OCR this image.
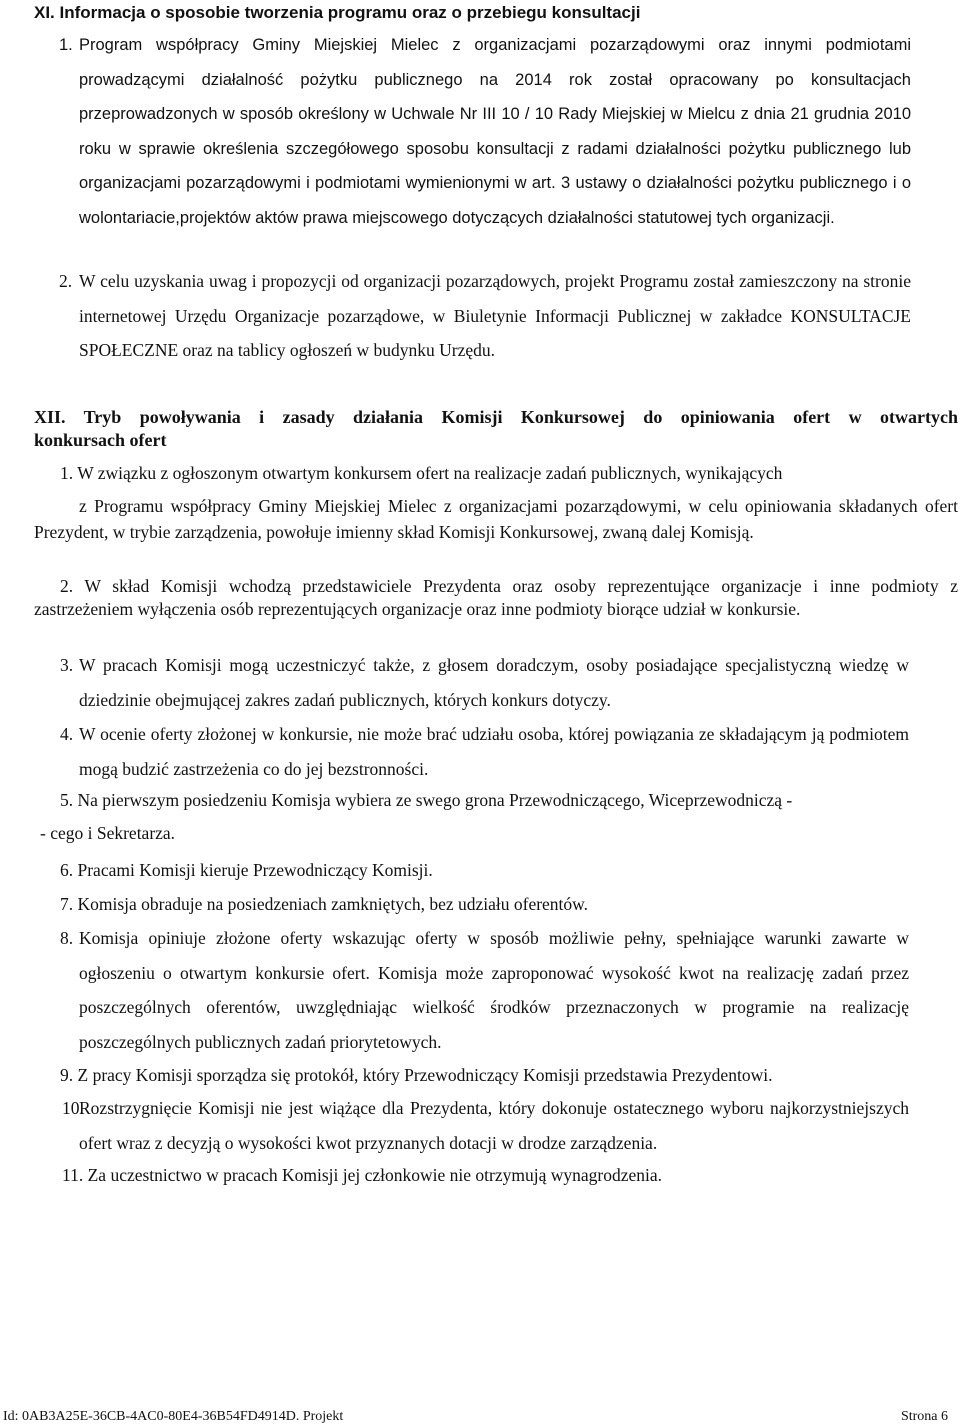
XI. Informacja o sposobie tworzenia programu oraz o przebiegu konsultacji
1. Program współpracy Gminy Miejskiej Mielec z organizacjami pozarządowymi oraz innymi podmiotami prowadzącymi działalność pożytku publicznego na 2014 rok został opracowany po konsultacjach przeprowadzonych w sposób określony w Uchwale Nr III 10 / 10 Rady Miejskiej w Mielcu z dnia 21 grudnia 2010 roku w sprawie określenia szczegółowego sposobu konsultacji z radami działalności pożytku publicznego lub organizacjami pozarządowymi i podmiotami wymienionymi w art. 3 ustawy o działalności pożytku publicznego i o wolontariacie,projektów aktów prawa miejscowego dotyczących działalności statutowej tych organizacji.
2. W celu uzyskania uwag i propozycji od organizacji pozarządowych, projekt Programu został zamieszczony na stronie internetowej Urzędu Organizacje pozarządowe, w Biuletynie Informacji Publicznej w zakładce KONSULTACJE SPOŁECZNE oraz na tablicy ogłoszeń w budynku Urzędu.
XII. Tryb powoływania i zasady działania Komisji Konkursowej do opiniowania ofert w otwartych
konkursach ofert
1. W związku z ogłoszonym otwartym konkursem ofert na realizacje zadań publicznych, wynikających
z Programu współpracy Gminy Miejskiej Mielec z organizacjami pozarządowymi, w celu opiniowania składanych ofert Prezydent, w trybie zarządzenia, powołuje imienny skład Komisji Konkursowej, zwaną dalej Komisją.
2. W skład Komisji wchodzą przedstawiciele Prezydenta oraz osoby reprezentujące organizacje i inne podmioty z zastrzeżeniem wyłączenia osób reprezentujących organizacje oraz inne podmioty biorące udział w konkursie.
3. W pracach Komisji mogą uczestniczyć także, z głosem doradczym, osoby posiadające specjalistyczną wiedzę w dziedzinie obejmującej zakres zadań publicznych, których konkurs dotyczy.
4. W ocenie oferty złożonej w konkursie, nie może brać udziału osoba, której powiązania ze składającym ją podmiotem mogą budzić zastrzeżenia co do jej bezstronności.
5. Na pierwszym posiedzeniu Komisja wybiera ze swego grona Przewodniczącego, Wiceprzewodniczą -
- cego i Sekretarza.
6. Pracami Komisji kieruje Przewodniczący Komisji.
7. Komisja obraduje na posiedzeniach zamkniętych, bez udziału oferentów.
8. Komisja opiniuje złożone oferty wskazując oferty w sposób możliwie pełny, spełniające warunki zawarte w ogłoszeniu o otwartym konkursie ofert. Komisja może zaproponować wysokość kwot na realizację zadań przez poszczególnych oferentów, uwzględniając wielkość środków przeznaczonych w programie na realizację poszczególnych publicznych zadań priorytetowych.
9. Z pracy Komisji sporządza się protokół, który Przewodniczący Komisji przedstawia Prezydentowi.
10.
Rozstrzygnięcie Komisji nie jest wiążące dla Prezydenta, który dokonuje ostatecznego wyboru najkorzystniejszych ofert wraz z decyzją o wysokości kwot przyznanych dotacji w drodze zarządzenia.
11. Za uczestnictwo w pracach Komisji jej członkowie nie otrzymują wynagrodzenia.
Id: 0AB3A25E-36CB-4AC0-80E4-36B54FD4914D. Projekt	Strona 6
